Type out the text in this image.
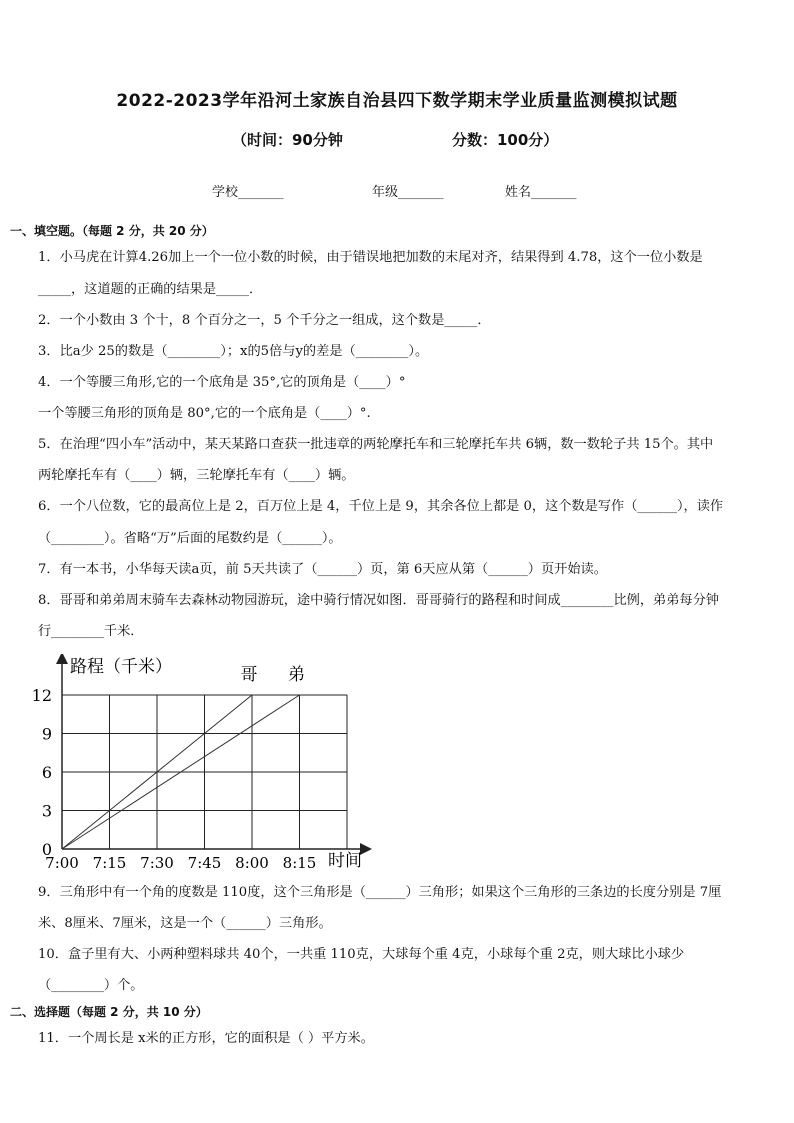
2022-2023学年沿河土家族自治县四下数学期末学业质量监测模拟试题
（时间：90分钟	分数：100分）
学校_______	年级_______	姓名_______
一、填空题。（每题 2 分，共 20 分）
1．小马虎在计算4.26加上一个一位小数的时候，由于错误地把加数的末尾对齐，结果得到 4.78，这个一位小数是
_____，这道题的正确的结果是_____．
2．一个小数由 3 个十，8 个百分之一，5 个千分之一组成，这个数是_____．
3．比a少 25的数是（________）；x的5倍与y的差是（________）。
4．一个等腰三角形,它的一个底角是 35°,它的顶角是（____）°
一个等腰三角形的顶角是 80°,它的一个底角是（____）°.
5．在治理“四小车”活动中，某天某路口查获一批违章的两轮摩托车和三轮摩托车共 6辆，数一数轮子共 15个。其中
两轮摩托车有（____）辆，三轮摩托车有（____）辆。
6．一个八位数，它的最高位上是 2，百万位上是 4，千位上是 9，其余各位上都是 0，这个数是写作（______），读作
（________）。省略“万”后面的尾数约是（______）。
7．有一本书，小华每天读a页，前 5天共读了（______）页，第 6天应从第（______）页开始读。
8．哥哥和弟弟周末骑车去森林动物园游玩，途中骑行情况如图．哥哥骑行的路程和时间成________比例，弟弟每分钟
行________千米．
路程（千米）
时间
0
3
6
9
12
7:00 7:15 7:30 7:45 8:00 8:15
哥 弟
9．三角形中有一个角的度数是 110度，这个三角形是（______）三角形；如果这个三角形的三条边的长度分别是 7厘
米、8厘米、7厘米，这是一个（______）三角形。
10．盒子里有大、小两种塑料球共 40个，一共重 110克，大球每个重 4克，小球每个重 2克，则大球比小球少
（________）个。
二、选择题（每题 2 分，共 10 分）
11．一个周长是 x米的正方形，它的面积是（ ）平方米。
